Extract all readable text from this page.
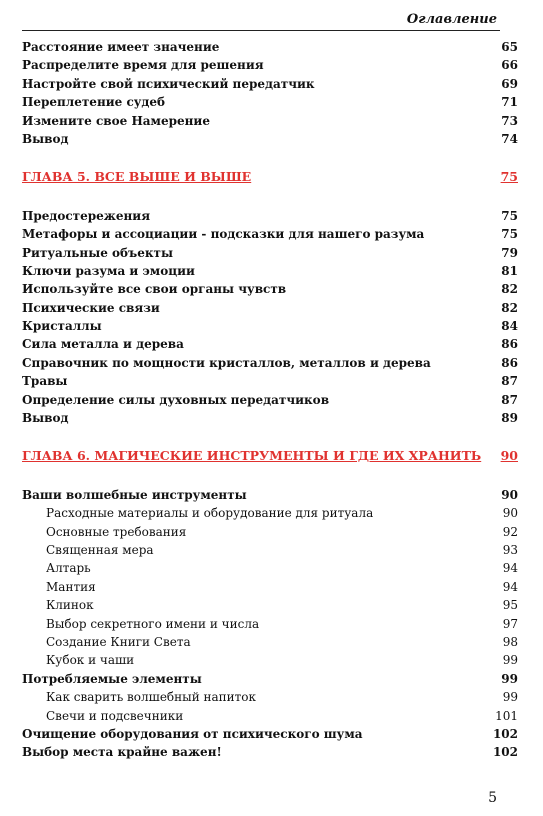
Оглавление
Расстояние имеет значение	65
Распределите время для решения	66
Настройте свой психический передатчик	69
Переплетение судеб	71
Измените свое Намерение	73
Вывод	74
ГЛАВА 5. ВСЕ ВЫШЕ И ВЫШЕ	75
Предостережения	75
Метафоры и ассоциации - подсказки для нашего разума	75
Ритуальные объекты	79
Ключи разума и эмоции	81
Используйте все свои органы чувств	82
Психические связи	82
Кристаллы	84
Сила металла и дерева	86
Справочник по мощности кристаллов, металлов и дерева	86
Травы	87
Определение силы духовных передатчиков	87
Вывод	89
ГЛАВА 6. МАГИЧЕСКИЕ ИНСТРУМЕНТЫ И ГДЕ ИХ ХРАНИТЬ	90
Ваши волшебные инструменты	90
Расходные материалы и оборудование для ритуала	90
Основные требования	92
Священная мера	93
Алтарь	94
Мантия	94
Клинок	95
Выбор секретного имени и числа	97
Создание Книги Света	98
Кубок и чаши	99
Потребляемые элементы	99
Как сварить волшебный напиток	99
Свечи и подсвечники	101
Очищение оборудования от психического шума	102
Выбор места крайне важен!	102
5
